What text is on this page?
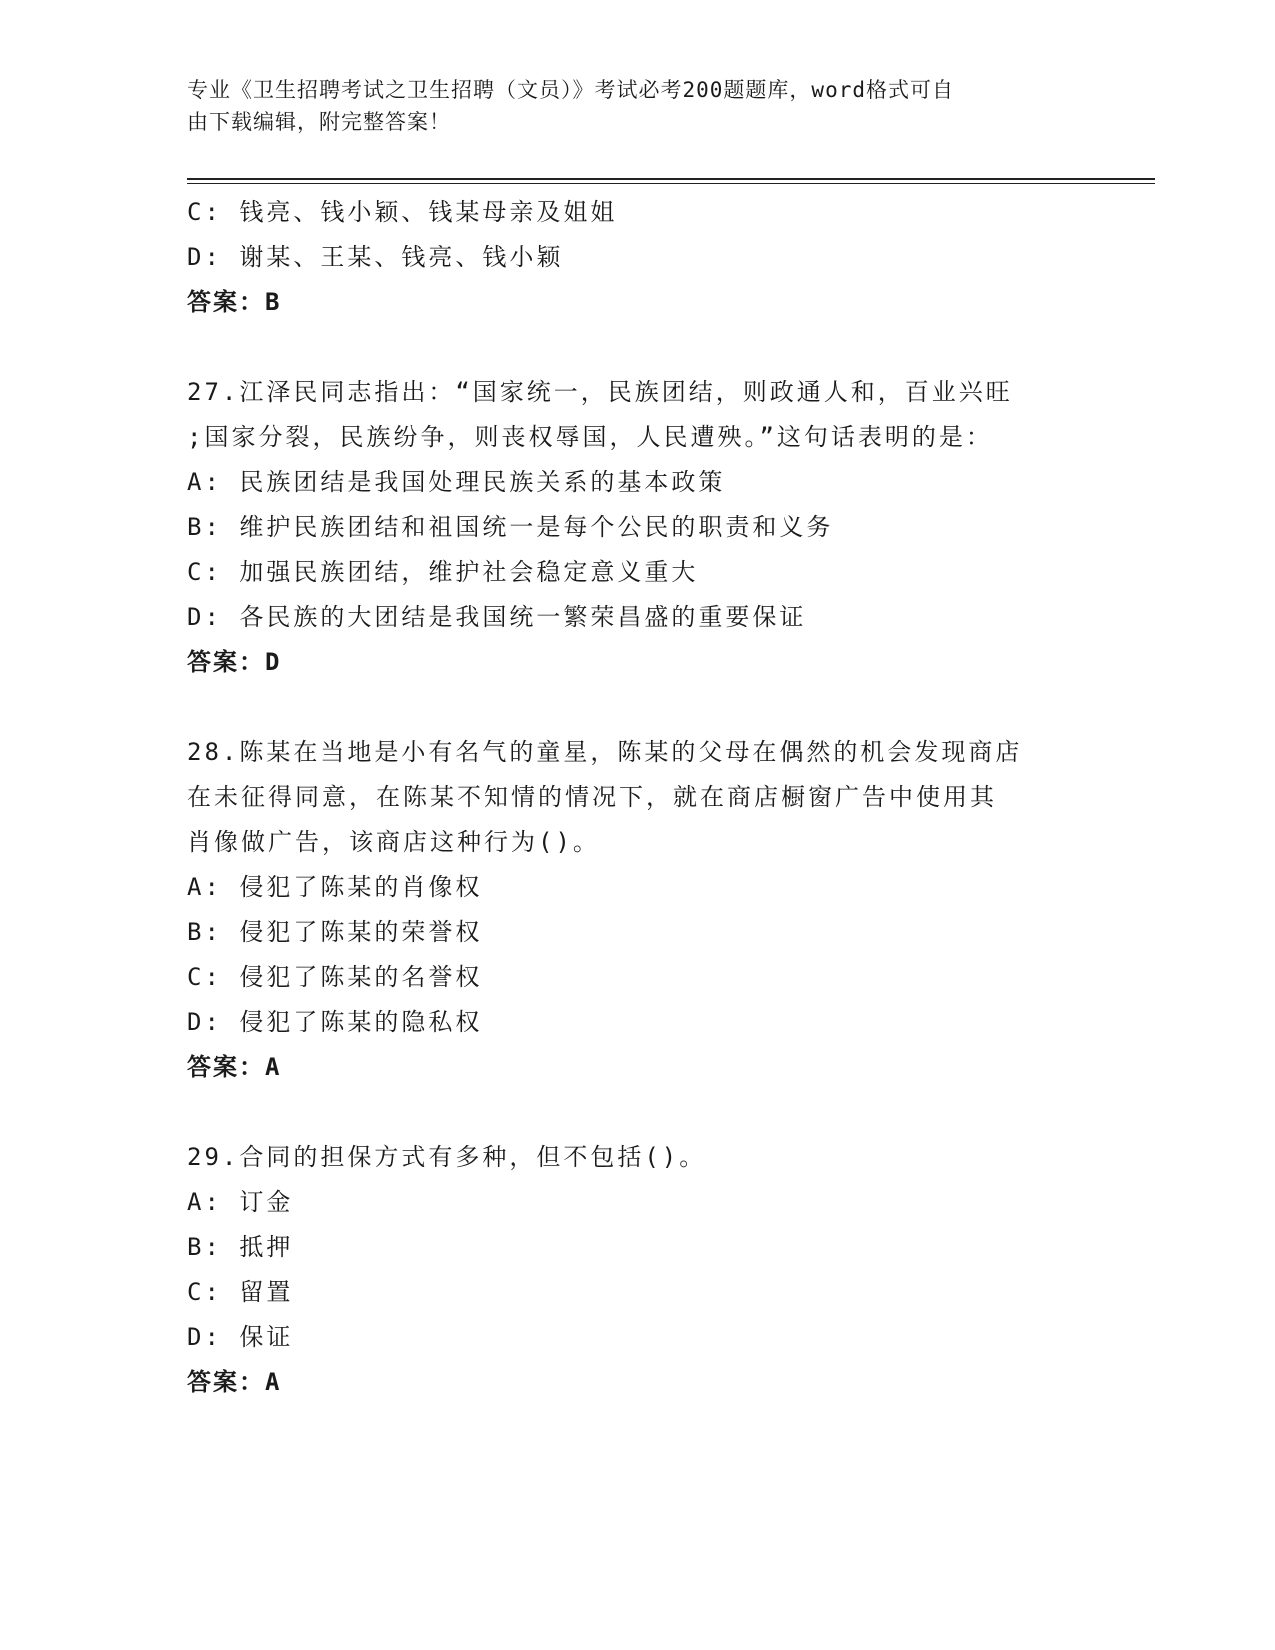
专业《卫生招聘考试之卫生招聘（文员）》考试必考200题题库，word格式可自
由下载编辑，附完整答案！
C: 钱亮、钱小颖、钱某母亲及姐姐
D: 谢某、王某、钱亮、钱小颖
答案：B
27.江泽民同志指出：“国家统一，民族团结，则政通人和，百业兴旺
;国家分裂，民族纷争，则丧权辱国，人民遭殃。”这句话表明的是：
A: 民族团结是我国处理民族关系的基本政策
B: 维护民族团结和祖国统一是每个公民的职责和义务
C: 加强民族团结，维护社会稳定意义重大
D: 各民族的大团结是我国统一繁荣昌盛的重要保证
答案：D
28.陈某在当地是小有名气的童星，陈某的父母在偶然的机会发现商店
在未征得同意，在陈某不知情的情况下，就在商店橱窗广告中使用其
肖像做广告，该商店这种行为()。
A: 侵犯了陈某的肖像权
B: 侵犯了陈某的荣誉权
C: 侵犯了陈某的名誉权
D: 侵犯了陈某的隐私权
答案：A
29.合同的担保方式有多种，但不包括()。
A: 订金
B: 抵押
C: 留置
D: 保证
答案：A
